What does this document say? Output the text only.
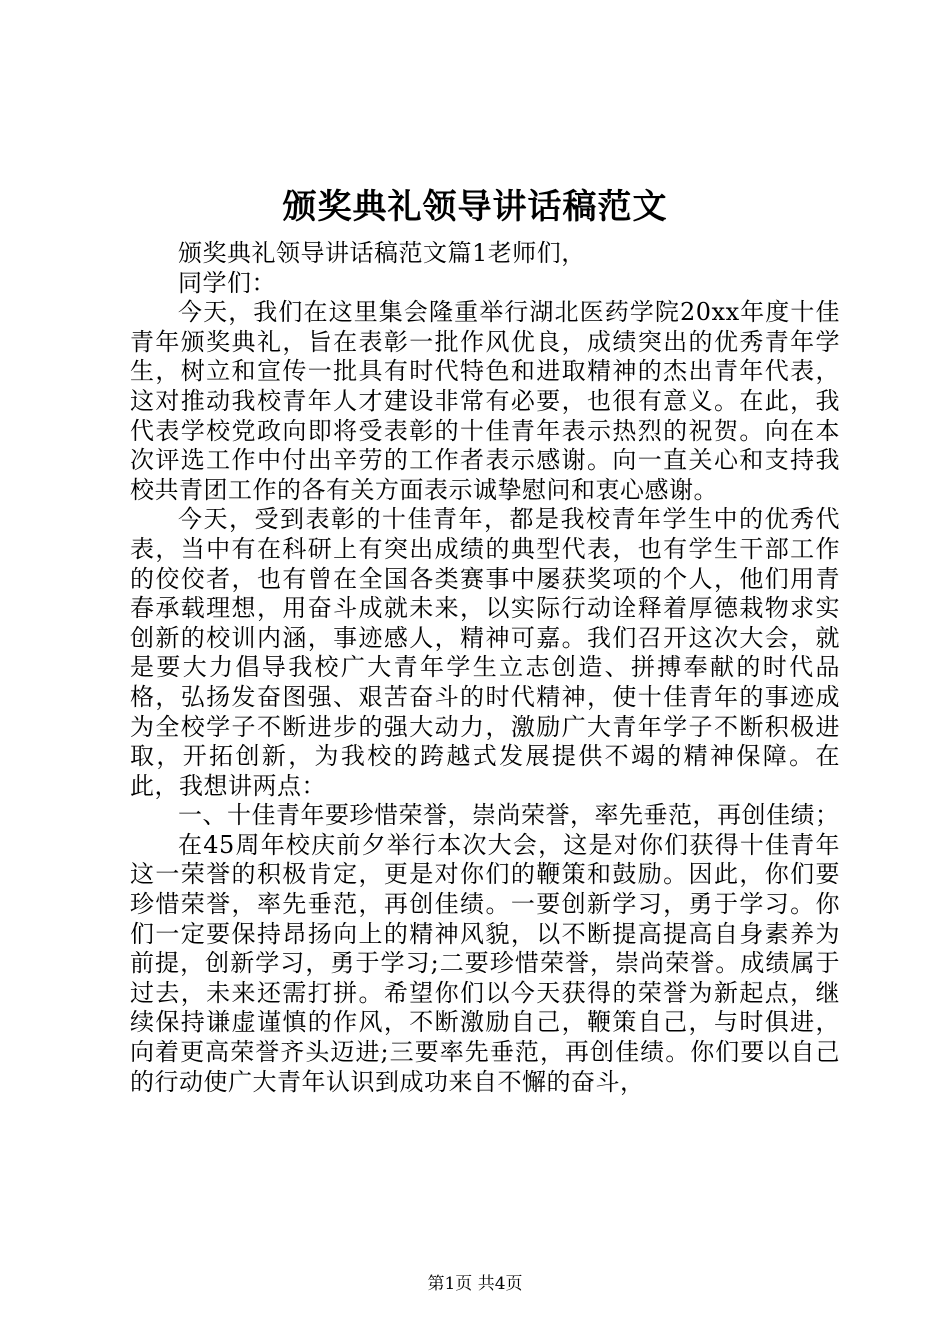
颁奖典礼领导讲话稿范文

颁奖典礼领导讲话稿范文篇1老师们，

同学们：

今天，我们在这里集会隆重举行湖北医药学院20xx年度十佳青年颁奖典礼，旨在表彰一批作风优良，成绩突出的优秀青年学生，树立和宣传一批具有时代特色和进取精神的杰出青年代表，这对推动我校青年人才建设非常有必要，也很有意义。在此，我代表学校党政向即将受表彰的十佳青年表示热烈的祝贺。向在本次评选工作中付出辛劳的工作者表示感谢。向一直关心和支持我校共青团工作的各有关方面表示诚挚慰问和衷心感谢。

今天，受到表彰的十佳青年，都是我校青年学生中的优秀代表，当中有在科研上有突出成绩的典型代表，也有学生干部工作的佼佼者，也有曾在全国各类赛事中屡获奖项的个人，他们用青春承载理想，用奋斗成就未来，以实际行动诠释着厚德栽物求实创新的校训内涵，事迹感人，精神可嘉。我们召开这次大会，就是要大力倡导我校广大青年学生立志创造、拼搏奉献的时代品格，弘扬发奋图强、艰苦奋斗的时代精神，使十佳青年的事迹成为全校学子不断进步的强大动力，激励广大青年学子不断积极进取，开拓创新，为我校的跨越式发展提供不竭的精神保障。在此，我想讲两点：

一、十佳青年要珍惜荣誉，崇尚荣誉，率先垂范，再创佳绩；

在45周年校庆前夕举行本次大会，这是对你们获得十佳青年这一荣誉的积极肯定，更是对你们的鞭策和鼓励。因此，你们要珍惜荣誉，率先垂范，再创佳绩。一要创新学习，勇于学习。你们一定要保持昂扬向上的精神风貌，以不断提高提高自身素养为前提，创新学习，勇于学习;二要珍惜荣誉，崇尚荣誉。成绩属于过去，未来还需打拼。希望你们以今天获得的荣誉为新起点，继续保持谦虚谨慎的作风，不断激励自己，鞭策自己，与时俱进，向着更高荣誉齐头迈进;三要率先垂范，再创佳绩。你们要以自己的行动使广大青年认识到成功来自不懈的奋斗，

第1页 共4页
